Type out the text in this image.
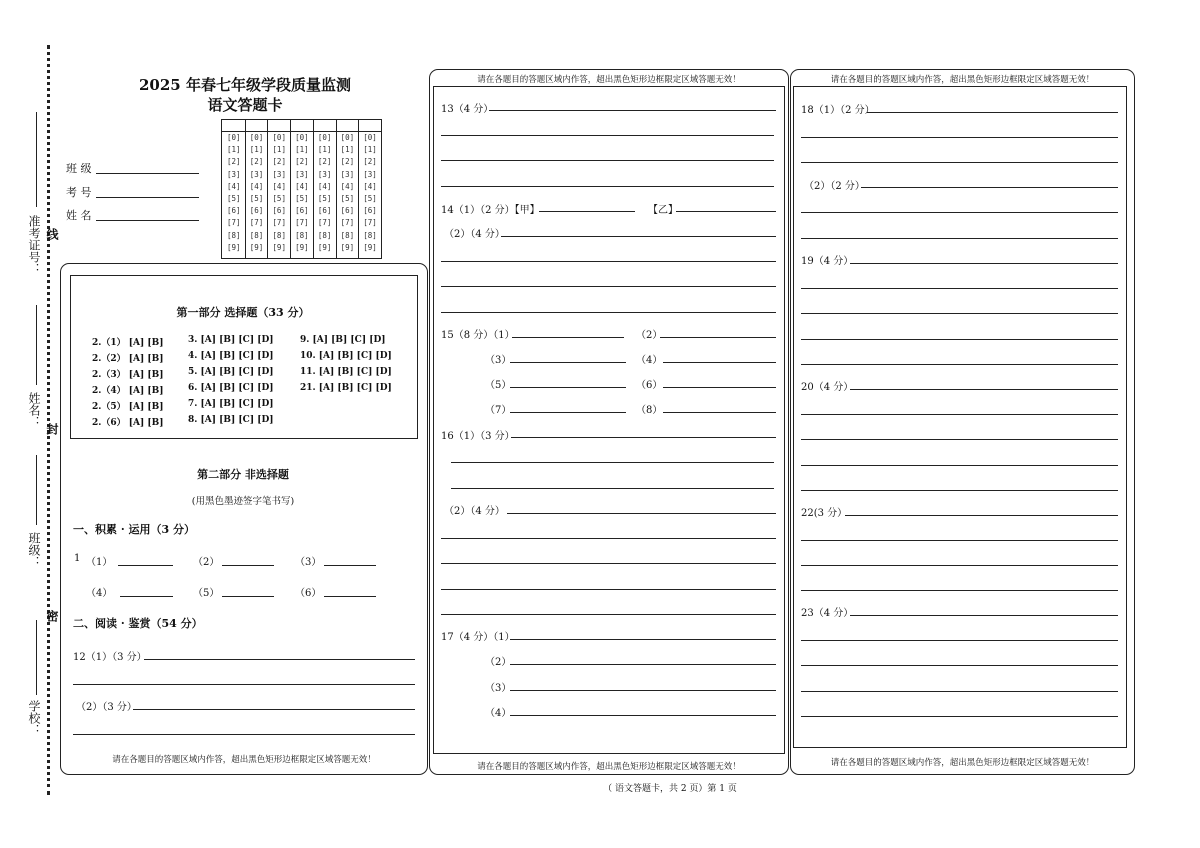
准考证号： 线
姓名：
封
班级：
密
学校：
2025 年春七年级学段质量监测
语文答题卡
班 级
考 号
姓 名
[0] [0] [0] [0] [0] [0] [0]
[1] [1] [1] [1] [1] [1] [1]
[2] [2] [2] [2] [2] [2] [2]
[3] [3] [3] [3] [3] [3] [3]
[4] [4] [4] [4] [4] [4] [4]
[5] [5] [5] [5] [5] [5] [5]
[6] [6] [6] [6] [6] [6] [6]
[7] [7] [7] [7] [7] [7] [7]
[8] [8] [8] [8] [8] [8] [8]
[9] [9] [9] [9] [9] [9] [9]
第一部分 选择题（33 分）
2.（1） [A] [B]
2.（2） [A] [B]
2.（3） [A] [B]
2.（4） [A] [B]
2.（5） [A] [B]
2.（6） [A] [B]
3. [A] [B] [C] [D]
4. [A] [B] [C] [D]
5. [A] [B] [C] [D]
6. [A] [B] [C] [D]
7. [A] [B] [C] [D]
8. [A] [B] [C] [D]
9. [A] [B] [C] [D]
10. [A] [B] [C] [D]
11. [A] [B] [C] [D]
21. [A] [B] [C] [D]
第二部分 非选择题
(用黑色墨迹签字笔书写)
一、积累 · 运用（3 分）
1 （1）	（2）	（3）
（4）	（5）	（6）
二、阅读 · 鉴赏（54 分）
12（1）（3 分）
（2）（3 分）
请在各题目的答题区域内作答，超出黑色矩形边框限定区域答题无效！
请在各题目的答题区域内作答，超出黑色矩形边框限定区域答题无效！
请在各题目的答题区域内作答，超出黑色矩形边框限定区域答题无效！
13（4 分）
14（1）（2 分）【甲】	【乙】
（2）（4 分）
15（8 分）（1）	（2）
（3）	（4）
（5）	（6）
（7）	（8）
16（1）（3 分）
（2）（4 分）
17（4 分）（1）
（2）
（3）
（4）
请在各题目的答题区域内作答，超出黑色矩形边框限定区域答题无效！
请在各题目的答题区域内作答，超出黑色矩形边框限定区域答题无效！
18（1）（2 分）
（2）（2 分）
19（4 分）
20（4 分）
22(3 分）
23（4 分）
（ 语文答题卡，共 2 页）第 1 页
